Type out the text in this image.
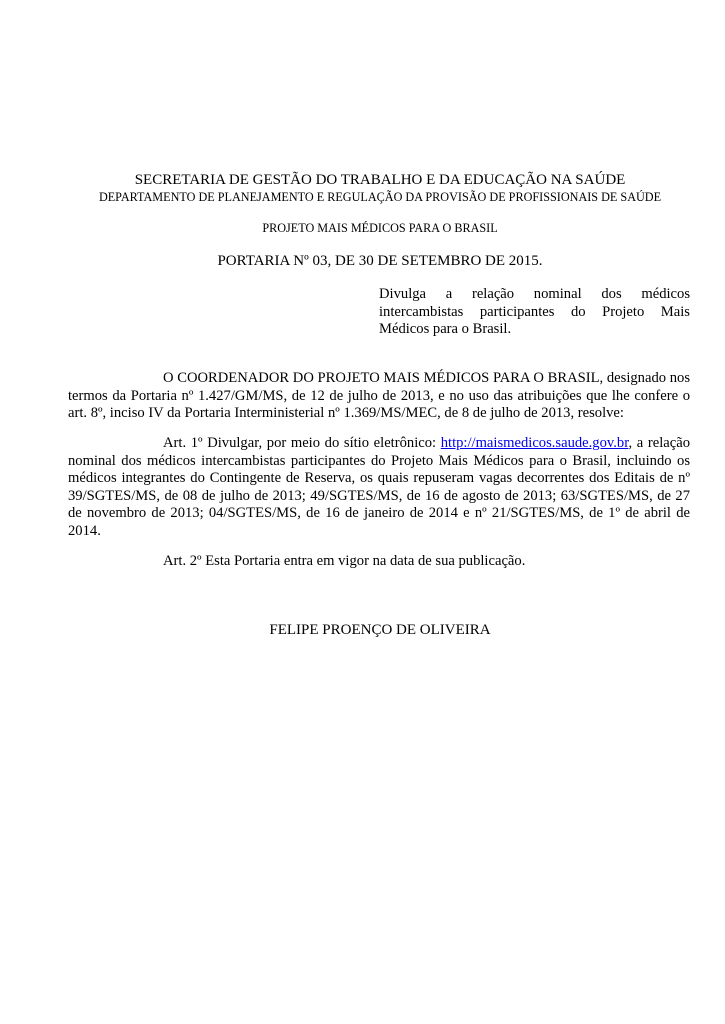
SECRETARIA DE GESTÃO DO TRABALHO E DA EDUCAÇÃO NA SAÚDE
DEPARTAMENTO DE PLANEJAMENTO E REGULAÇÃO DA PROVISÃO DE PROFISSIONAIS DE SAÚDE
PROJETO MAIS MÉDICOS PARA O BRASIL
PORTARIA Nº 03, DE 30 DE SETEMBRO DE 2015.
Divulga a relação nominal dos médicos intercambistas participantes do Projeto Mais Médicos para o Brasil.

O COORDENADOR DO PROJETO MAIS MÉDICOS PARA O BRASIL, designado nos termos da Portaria nº 1.427/GM/MS, de 12 de julho de 2013, e no uso das atribuições que lhe confere o art. 8º, inciso IV da Portaria Interministerial nº 1.369/MS/MEC, de 8 de julho de 2013, resolve:

Art. 1º Divulgar, por meio do sítio eletrônico: http://maismedicos.saude.gov.br, a relação nominal dos médicos intercambistas participantes do Projeto Mais Médicos para o Brasil, incluindo os médicos integrantes do Contingente de Reserva, os quais repuseram vagas decorrentes dos Editais de nº 39/SGTES/MS, de 08 de julho de 2013; 49/SGTES/MS, de 16 de agosto de 2013; 63/SGTES/MS, de 27 de novembro de 2013; 04/SGTES/MS, de 16 de janeiro de 2014 e nº 21/SGTES/MS, de 1º de abril de 2014.

Art. 2º Esta Portaria entra em vigor na data de sua publicação.

FELIPE PROENÇO DE OLIVEIRA
